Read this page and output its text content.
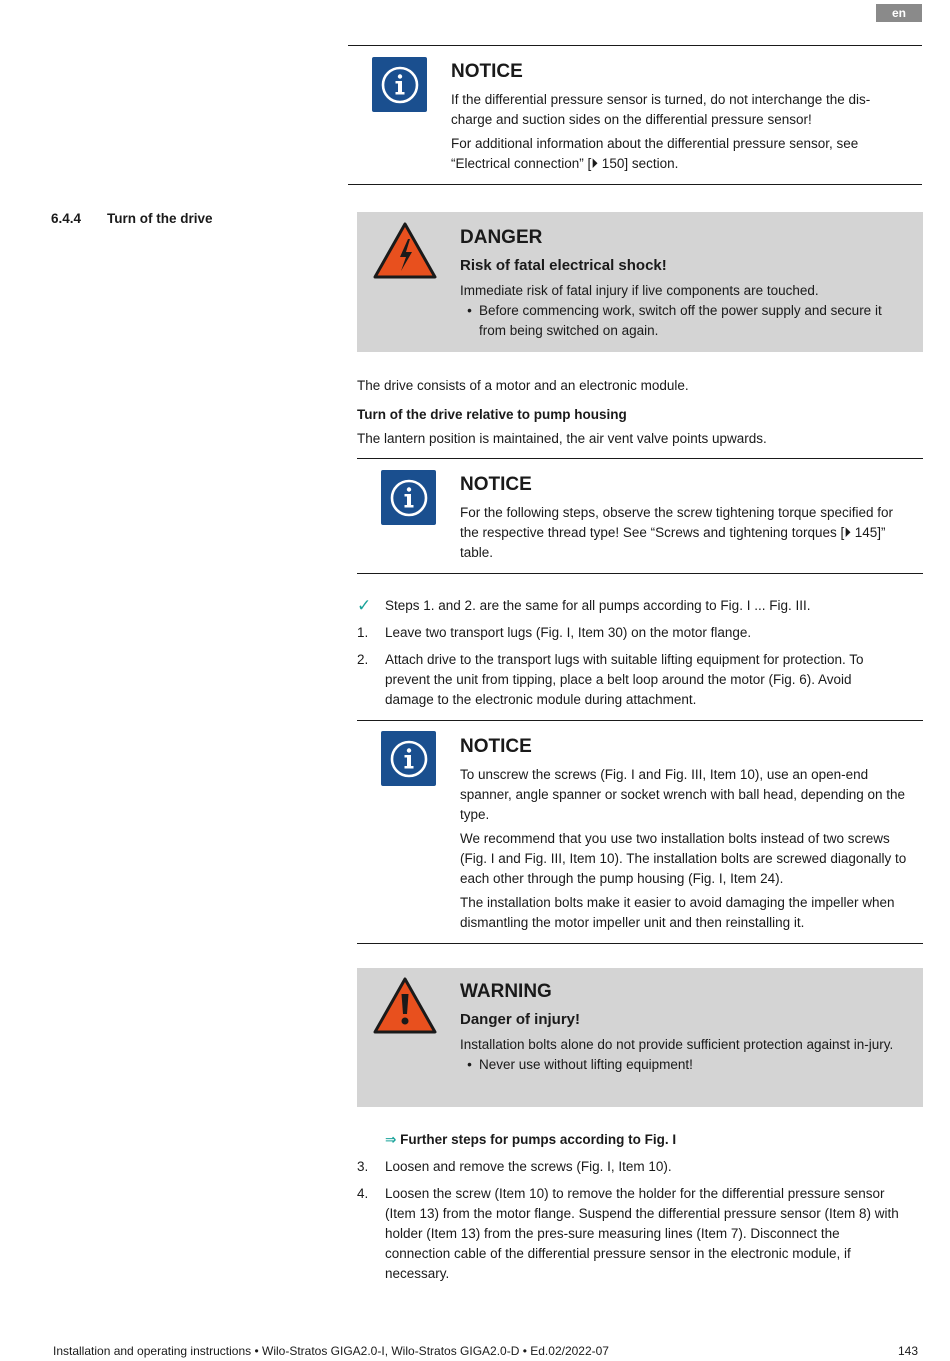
en
NOTICE

If the differential pressure sensor is turned, do not interchange the dis-charge and suction sides on the differential pressure sensor!

For additional information about the differential pressure sensor, see “Electrical connection” [⏵ 150] section.

6.4.4 Turn of the drive
DANGER
Risk of fatal electrical shock!
Immediate risk of fatal injury if live components are touched.
• Before commencing work, switch off the power supply and secure it from being switched on again.

The drive consists of a motor and an electronic module.

Turn of the drive relative to pump housing

The lantern position is maintained, the air vent valve points upwards.

NOTICE

For the following steps, observe the screw tightening torque specified for the respective thread type! See “Screws and tightening torques [⏵ 145]” table.

✓	Steps 1. and 2. are the same for all pumps according to Fig. I ... Fig. III.
1.	Leave two transport lugs (Fig. I, Item 30) on the motor flange.
2.	Attach drive to the transport lugs with suitable lifting equipment for protection. To prevent the unit from tipping, place a belt loop around the motor (Fig. 6). Avoid damage to the electronic module during attachment.
NOTICE

To unscrew the screws (Fig. I and Fig. III, Item 10), use an open-end spanner, angle spanner or socket wrench with ball head, depending on the type.

We recommend that you use two installation bolts instead of two screws (Fig. I and Fig. III, Item 10). The installation bolts are screwed diagonally to each other through the pump housing (Fig. I, Item 24).

The installation bolts make it easier to avoid damaging the impeller when dismantling the motor impeller unit and then reinstalling it.

WARNING
Danger of injury!
Installation bolts alone do not provide sufficient protection against in-jury.
• Never use without lifting equipment!
⇒ Further steps for pumps according to Fig. I
3.	Loosen and remove the screws (Fig. I, Item 10).
4.	Loosen the screw (Item 10) to remove the holder for the differential pressure sensor (Item 13) from the motor flange. Suspend the differential pressure sensor (Item 8) with holder (Item 13) from the pres-sure measuring lines (Item 7). Disconnect the connection cable of the differential pressure sensor in the electronic module, if necessary.
Installation and operating instructions • Wilo-Stratos GIGA2.0-I, Wilo-Stratos GIGA2.0-D • Ed.02/2022-07	143
